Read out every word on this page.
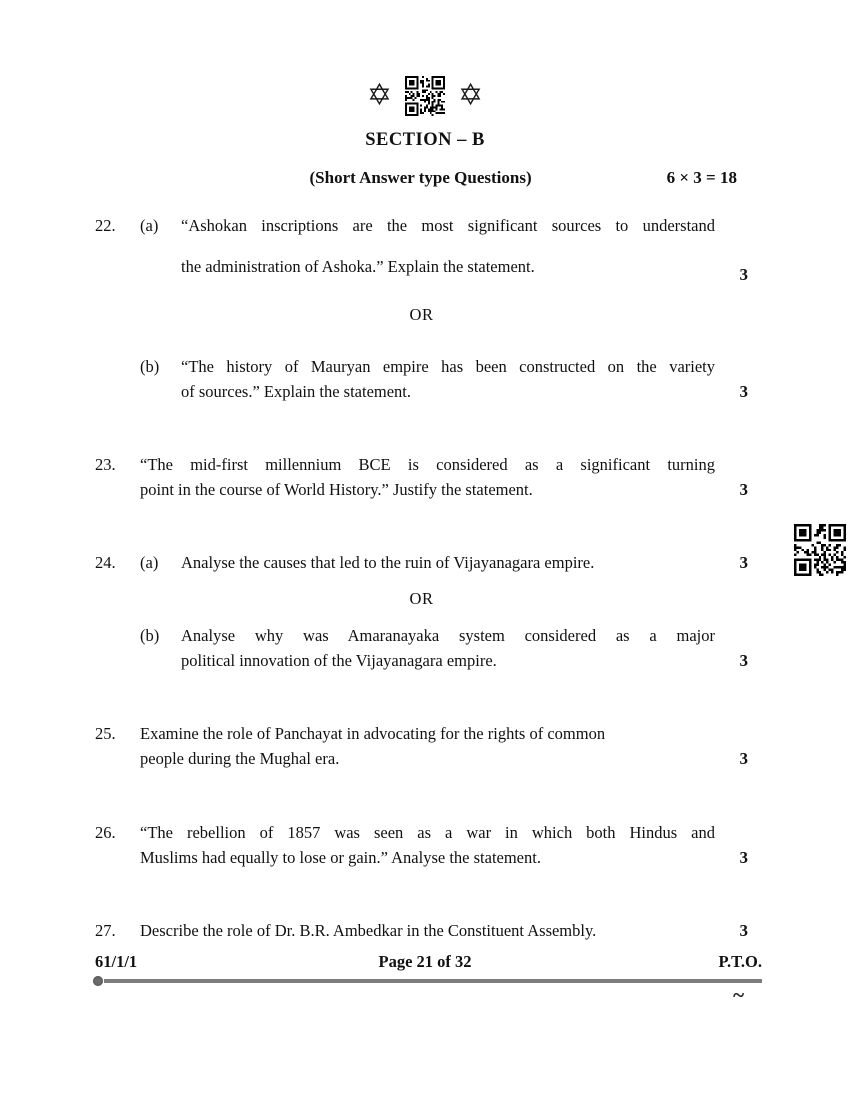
✡ ✡
SECTION – B
(Short Answer type Questions)	6 × 3 = 18
22.	(a)	“Ashokan inscriptions are the most significant sources to understand
the administration of Ashoka.” Explain the statement.	3
OR
(b)	“The history of Mauryan empire has been constructed on the variety
of sources.” Explain the statement.	3
23.	“The mid-first millennium BCE is considered as a significant turning
point in the course of World History.” Justify the statement.	3
24.	(a)	Analyse the causes that led to the ruin of Vijayanagara empire.	3
OR
(b)	Analyse why was Amaranayaka system considered as a major
political innovation of the Vijayanagara empire.	3
25.	Examine the role of Panchayat in advocating for the rights of common
people during the Mughal era.	3
26.	“The rebellion of 1857 was seen as a war in which both Hindus and
Muslims had equally to lose or gain.” Analyse the statement.	3
27.	Describe the role of Dr. B.R. Ambedkar in the Constituent Assembly.	3
61/1/1	Page 21 of 32	P.T.O.
~
